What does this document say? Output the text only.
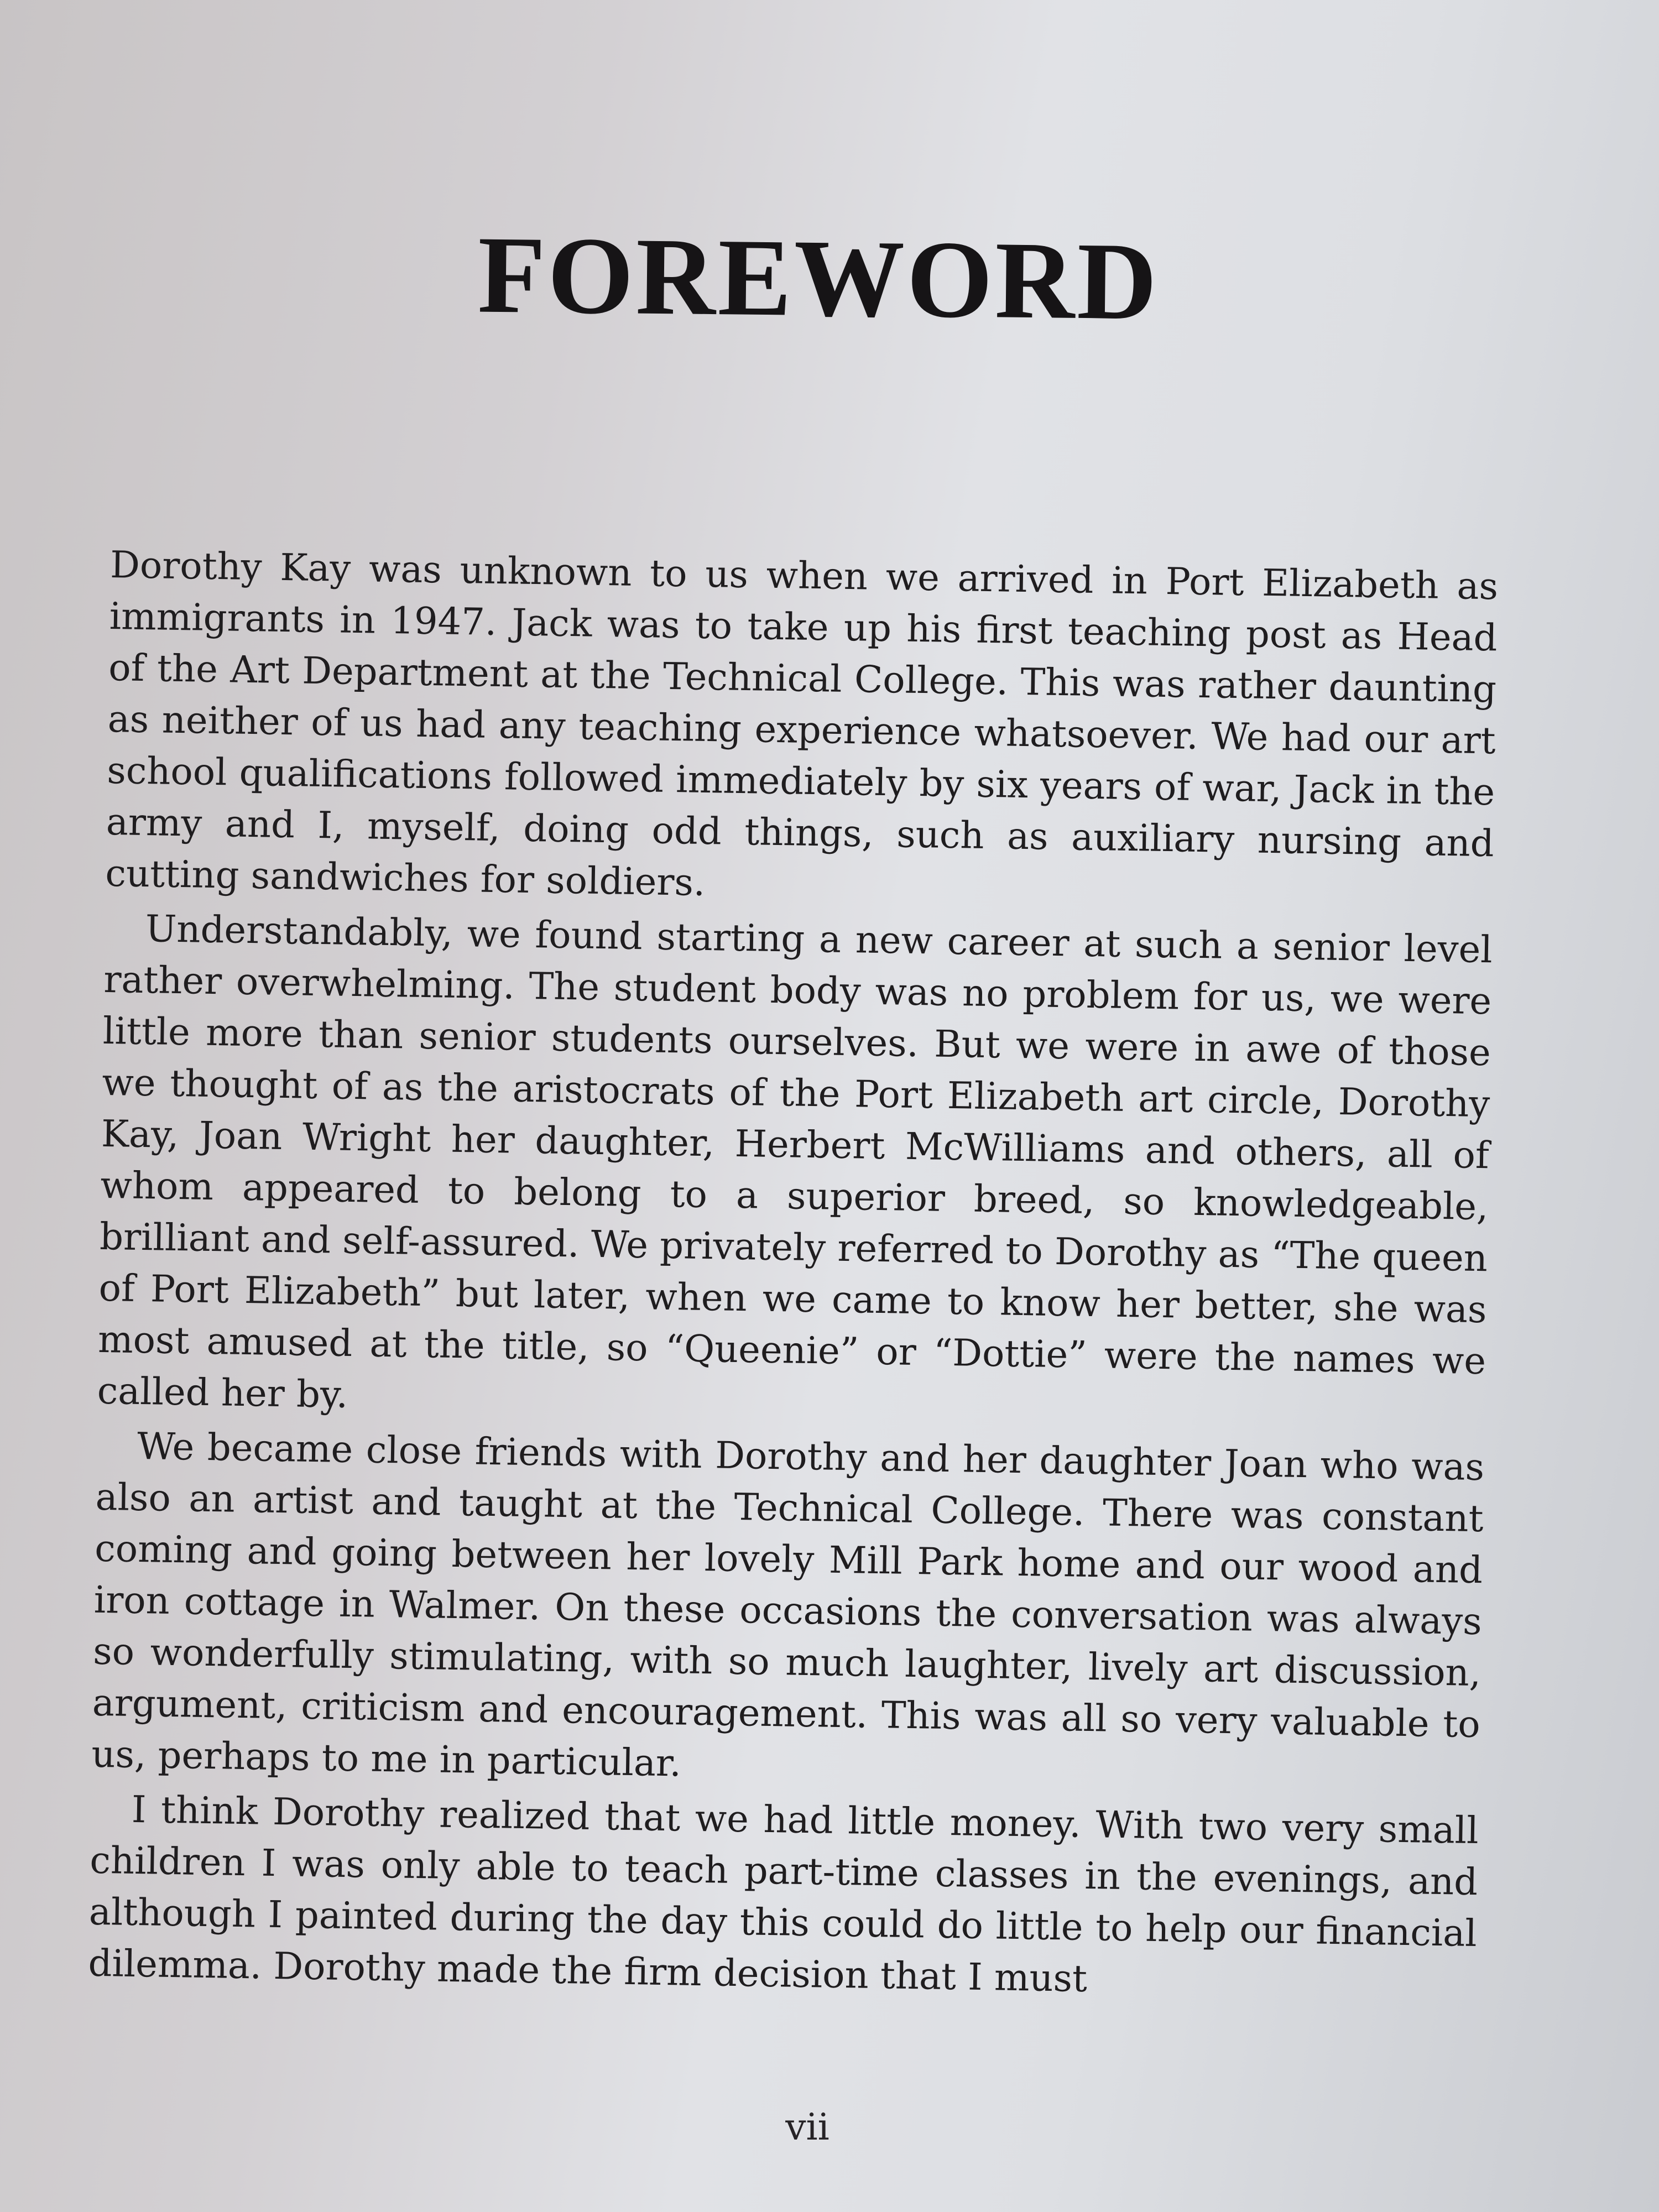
FOREWORD

Dorothy Kay was unknown to us when we arrived in Port Elizabeth as immigrants in 1947. Jack was to take up his first teaching post as Head of the Art Department at the Technical College. This was rather daunting as neither of us had any teaching experience whatsoever. We had our art school qualifications followed immediately by six years of war, Jack in the army and I, myself, doing odd things, such as auxiliary nursing and cutting sandwiches for soldiers.

Understandably, we found starting a new career at such a senior level rather overwhelming. The student body was no problem for us, we were little more than senior students ourselves. But we were in awe of those we thought of as the aristocrats of the Port Elizabeth art circle, Dorothy Kay, Joan Wright her daughter, Herbert McWilliams and others, all of whom appeared to belong to a superior breed, so knowledgeable, brilliant and self-assured. We privately referred to Dorothy as “The queen of Port Elizabeth” but later, when we came to know her better, she was most amused at the title, so “Queenie” or “Dottie” were the names we called her by.

We became close friends with Dorothy and her daughter Joan who was also an artist and taught at the Technical College. There was constant coming and going between her lovely Mill Park home and our wood and iron cottage in Walmer. On these occasions the conversation was always so wonderfully stimulating, with so much laughter, lively art discussion, argument, criticism and encouragement. This was all so very valuable to us, perhaps to me in particular.

I think Dorothy realized that we had little money. With two very small children I was only able to teach part-time classes in the evenings, and although I painted during the day this could do little to help our financial dilemma. Dorothy made the firm decision that I must

vii
